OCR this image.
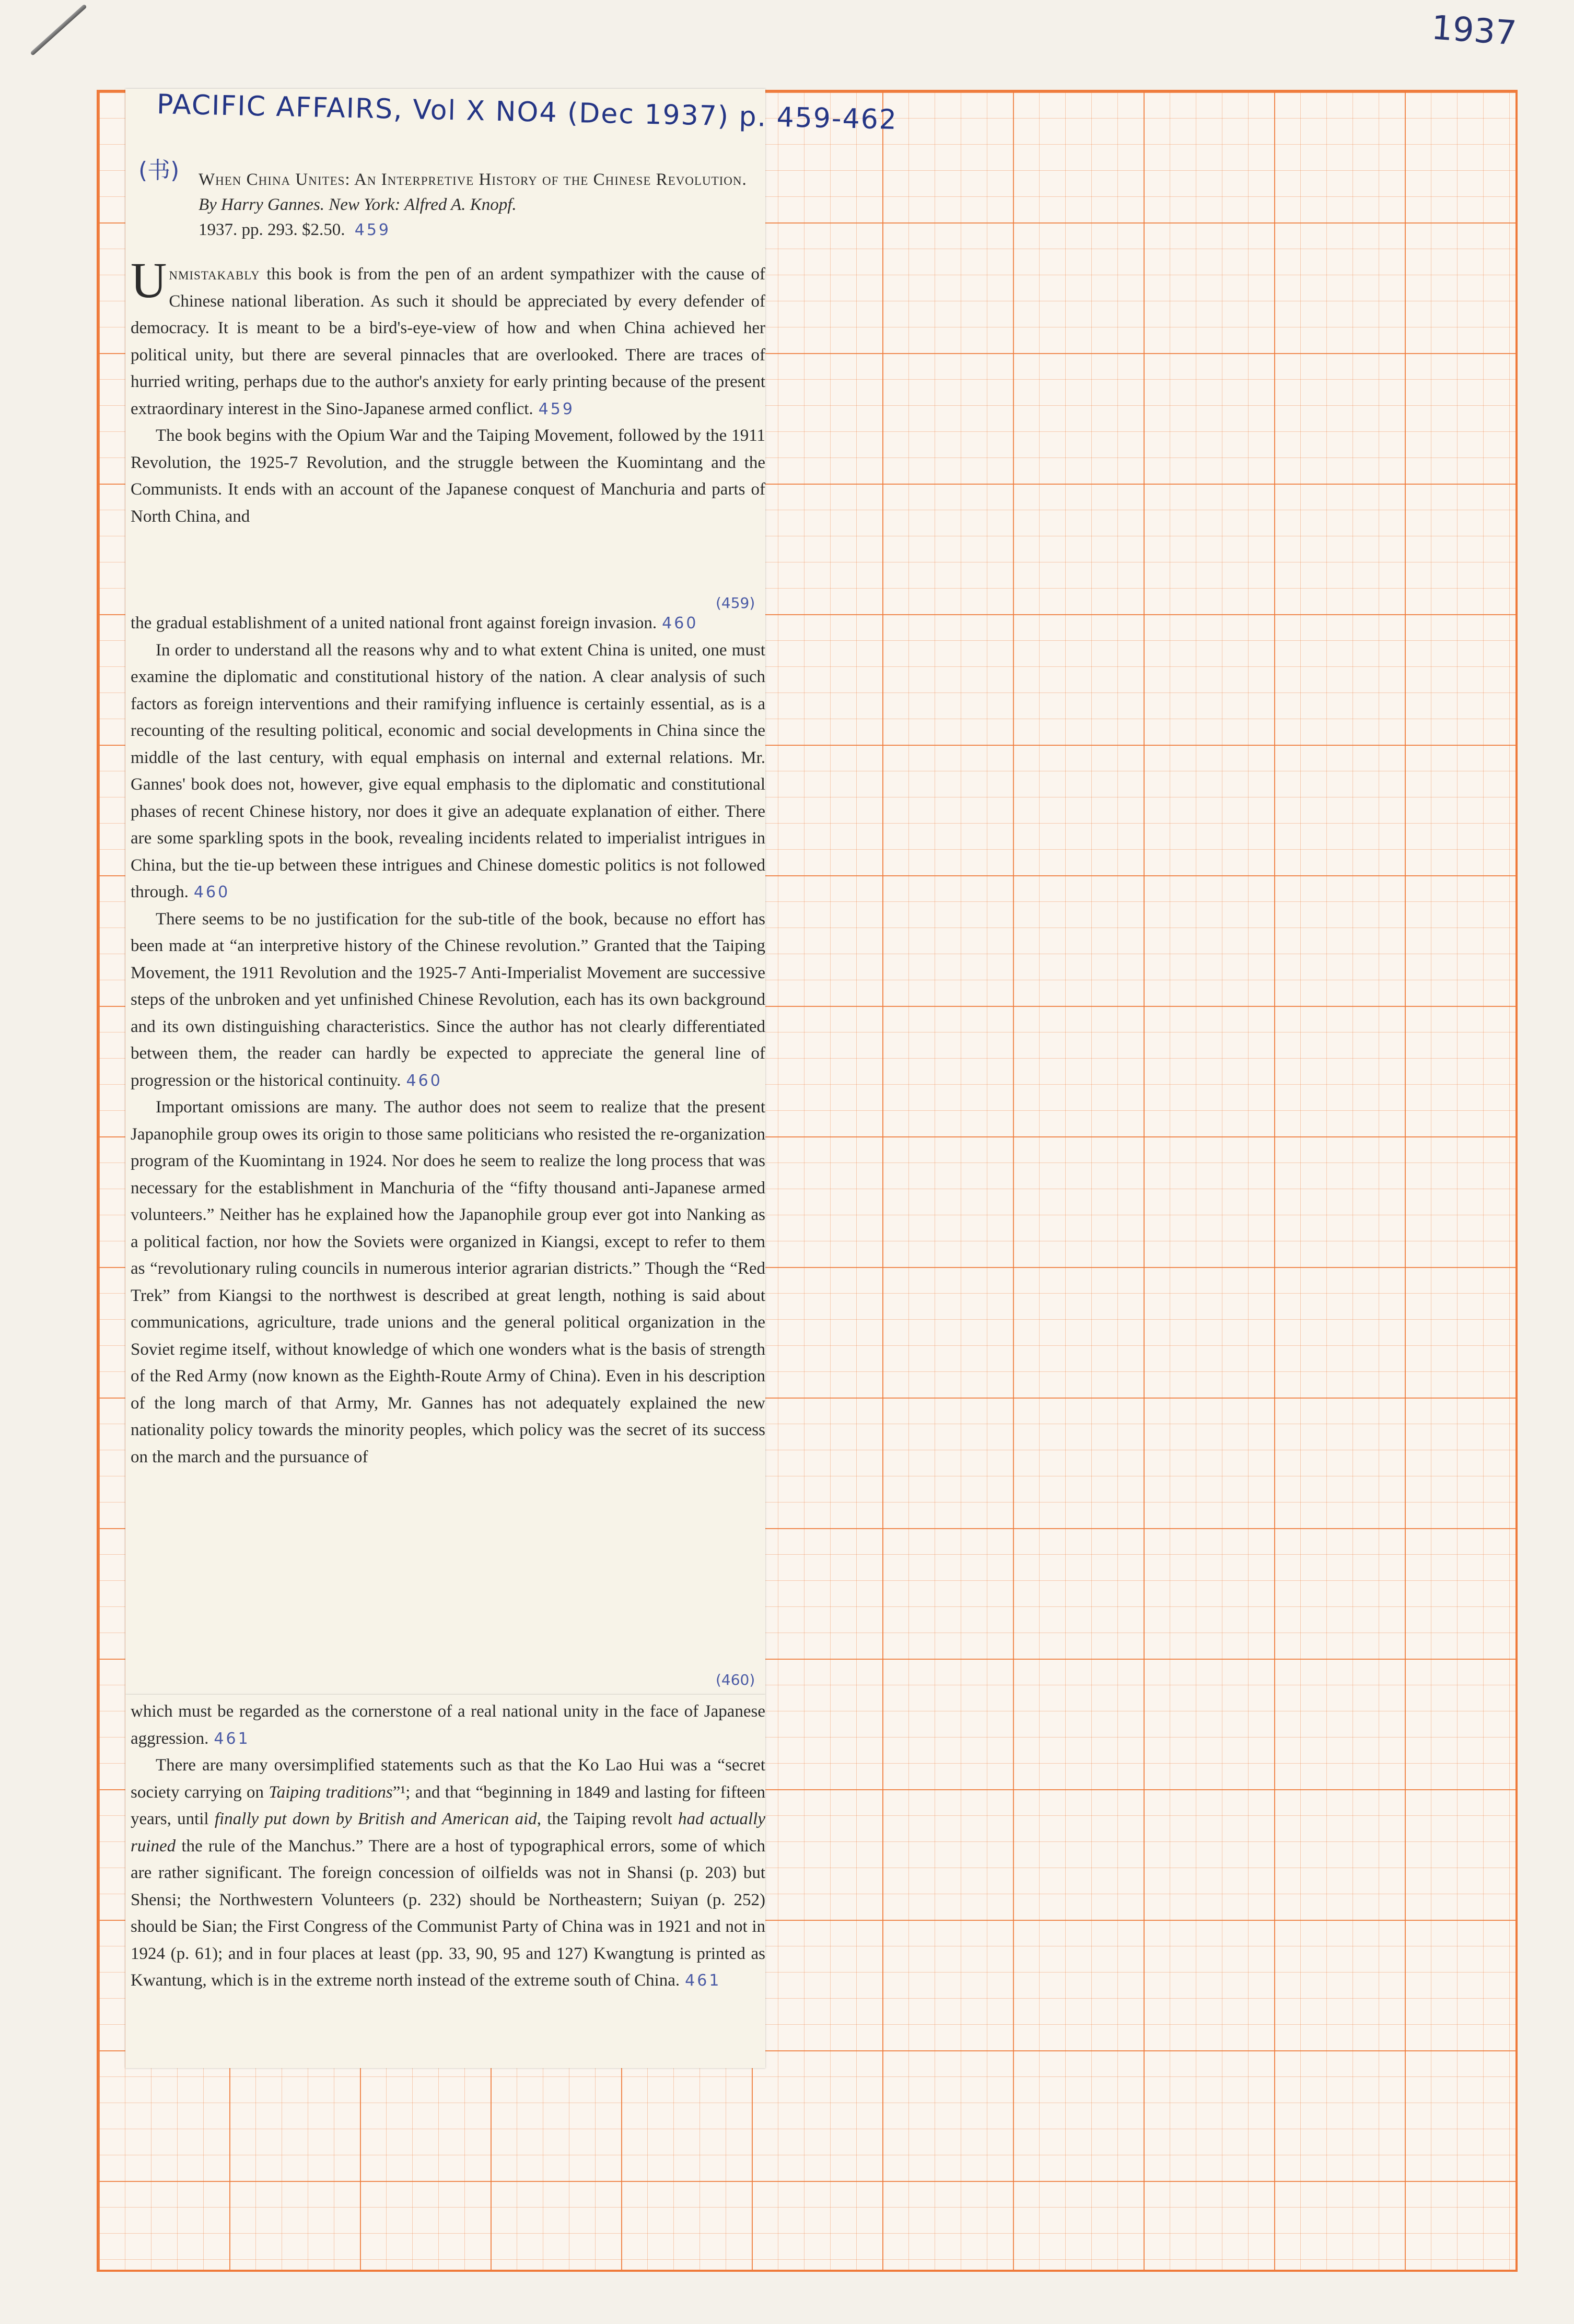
1937
PACIFIC AFFAIRS, Vol X NO4 (Dec 1937) p. 459-462
(书) When China Unites: An Interpretive History of the Chinese Revolution. By Harry Gannes. New York: Alfred A. Knopf.
1937. pp. 293. $2.50. 459

Unmistakably this book is from the pen of an ardent sympathizer with the cause of Chinese national liberation. As such it should be appreciated by every defender of democracy. It is meant to be a bird's-eye-view of how and when China achieved her political unity, but there are several pinnacles that are overlooked. There are traces of hurried writing, perhaps due to the author's anxiety for early printing because of the present extraordinary interest in the Sino-Japanese armed conflict. 459

The book begins with the Opium War and the Taiping Movement, followed by the 1911 Revolution, the 1925-7 Revolution, and the struggle between the Kuomintang and the Communists. It ends with an account of the Japanese conquest of Manchuria and parts of North China, and

(459)

the gradual establishment of a united national front against foreign invasion. 460

In order to understand all the reasons why and to what extent China is united, one must examine the diplomatic and constitutional history of the nation. A clear analysis of such factors as foreign interventions and their ramifying influence is certainly essential, as is a recounting of the resulting political, economic and social developments in China since the middle of the last century, with equal emphasis on internal and external relations. Mr. Gannes' book does not, however, give equal emphasis to the diplomatic and constitutional phases of recent Chinese history, nor does it give an adequate explanation of either. There are some sparkling spots in the book, revealing incidents related to imperialist intrigues in China, but the tie-up between these intrigues and Chinese domestic politics is not followed through. 460

There seems to be no justification for the sub-title of the book, because no effort has been made at “an interpretive history of the Chinese revolution.” Granted that the Taiping Movement, the 1911 Revolution and the 1925-7 Anti-Imperialist Movement are successive steps of the unbroken and yet unfinished Chinese Revolution, each has its own background and its own distinguishing characteristics. Since the author has not clearly differentiated between them, the reader can hardly be expected to appreciate the general line of progression or the historical continuity. 460

Important omissions are many. The author does not seem to realize that the present Japanophile group owes its origin to those same politicians who resisted the re-organization program of the Kuomintang in 1924. Nor does he seem to realize the long process that was necessary for the establishment in Manchuria of the “fifty thousand anti-Japanese armed volunteers.” Neither has he explained how the Japanophile group ever got into Nanking as a political faction, nor how the Soviets were organized in Kiangsi, except to refer to them as “revolutionary ruling councils in numerous interior agrarian districts.” Though the “Red Trek” from Kiangsi to the northwest is described at great length, nothing is said about communications, agriculture, trade unions and the general political organization in the Soviet regime itself, without knowledge of which one wonders what is the basis of strength of the Red Army (now known as the Eighth-Route Army of China). Even in his description of the long march of that Army, Mr. Gannes has not adequately explained the new nationality policy towards the minority peoples, which policy was the secret of its success on the march and the pursuance of

(460)

which must be regarded as the cornerstone of a real national unity in the face of Japanese aggression. 461

There are many oversimplified statements such as that the Ko Lao Hui was a “secret society carrying on Taiping traditions”¹; and that “beginning in 1849 and lasting for fifteen years, until finally put down by British and American aid, the Taiping revolt had actually ruined the rule of the Manchus.” There are a host of typographical errors, some of which are rather significant. The foreign concession of oilfields was not in Shansi (p. 203) but Shensi; the Northwestern Volunteers (p. 232) should be Northeastern; Suiyan (p. 252) should be Sian; the First Congress of the Communist Party of China was in 1921 and not in 1924 (p. 61); and in four places at least (pp. 33, 90, 95 and 127) Kwangtung is printed as Kwantung, which is in the extreme north instead of the extreme south of China. 461
